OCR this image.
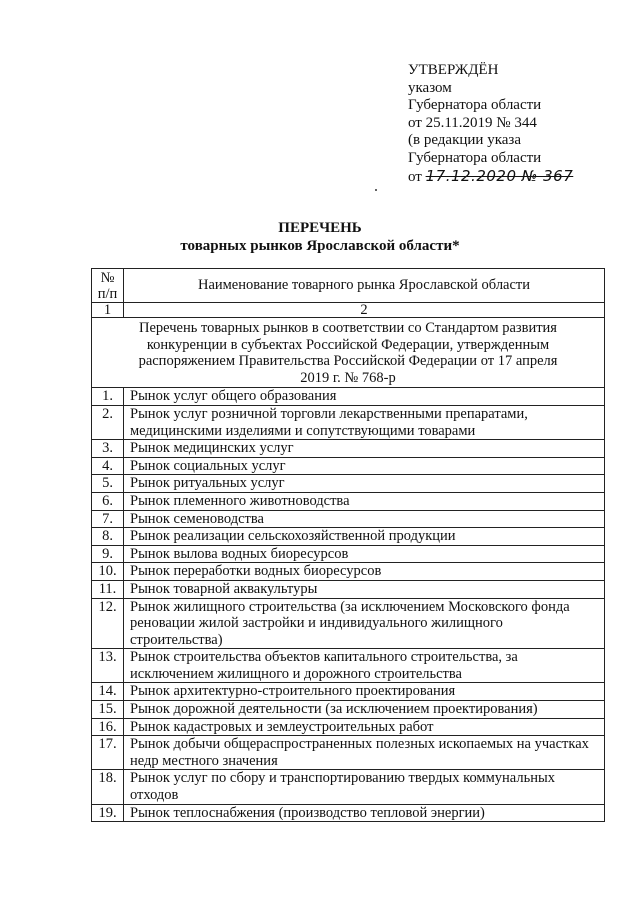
УТВЕРЖДЁН
указом
Губернатора области
от 25.11.2019 № 344
(в редакции указа
Губернатора области
от 17.12.2020 № 367
ПЕРЕЧЕНЬ
товарных рынков Ярославской области*
№ п/п	Наименование товарного рынка Ярославской области
1	2
Перечень товарных рынков в соответствии со Стандартом развития конкуренции в субъектах Российской Федерации, утвержденным распоряжением Правительства Российской Федерации от 17 апреля 2019 г. № 768-р	
1.	Рынок услуг общего образования
2.	Рынок услуг розничной торговли лекарственными препаратами, медицинскими изделиями и сопутствующими товарами
3.	Рынок медицинских услуг
4.	Рынок социальных услуг
5.	Рынок ритуальных услуг
6.	Рынок племенного животноводства
7.	Рынок семеноводства
8.	Рынок реализации сельскохозяйственной продукции
9.	Рынок вылова водных биоресурсов
10.	Рынок переработки водных биоресурсов
11.	Рынок товарной аквакультуры
12.	Рынок жилищного строительства (за исключением Московского фонда реновации жилой застройки и индивидуального жилищного строительства)
13.	Рынок строительства объектов капитального строительства, за исключением жилищного и дорожного строительства
14.	Рынок архитектурно-строительного проектирования
15.	Рынок дорожной деятельности (за исключением проектирования)
16.	Рынок кадастровых и землеустроительных работ
17.	Рынок добычи общераспространенных полезных ископаемых на участках недр местного значения
18.	Рынок услуг по сбору и транспортированию твердых коммунальных отходов
19.	Рынок теплоснабжения (производство тепловой энергии)
